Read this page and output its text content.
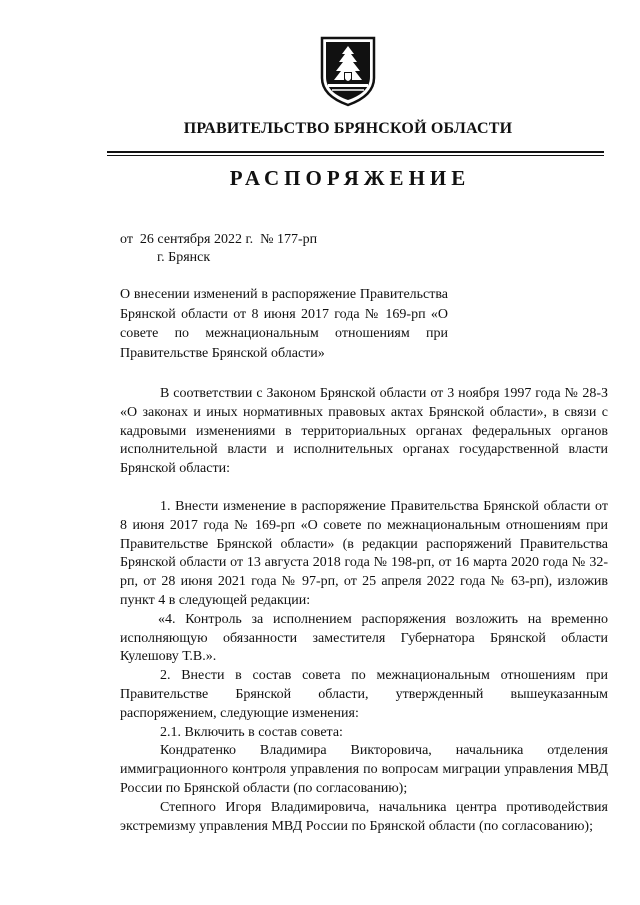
ПРАВИТЕЛЬСТВО БРЯНСКОЙ ОБЛАСТИ
РАСПОРЯЖЕНИЕ
от  26 сентября 2022 г.  № 177-рп
г. Брянск
О внесении изменений в распоряжение Правительства Брянской области от 8 июня 2017 года № 169-рп «О совете по межнациональным отношениям при Правительстве Брянской области»

В соответствии с Законом Брянской области от 3 ноября 1997 года № 28-З «О законах и иных нормативных правовых актах Брянской области», в связи с кадровыми изменениями в территориальных органах федеральных органов исполнительной власти и исполнительных органах государственной власти Брянской области:

1. Внести изменение в распоряжение Правительства Брянской области от 8 июня 2017 года № 169-рп «О совете по межнациональным отношениям при Правительстве Брянской области» (в редакции распоряжений Правительства Брянской области от 13 августа 2018 года № 198-рп, от 16 марта 2020 года № 32-рп, от 28 июня 2021 года № 97-рп, от 25 апреля 2022 года № 63-рп), изложив пункт 4 в следующей редакции:

«4. Контроль за исполнением распоряжения возложить на временно исполняющую обязанности заместителя Губернатора Брянской области Кулешову Т.В.».

2. Внести в состав совета по межнациональным отношениям при Правительстве Брянской области, утвержденный вышеуказанным распоряжением, следующие изменения:

2.1. Включить в состав совета:

Кондратенко Владимира Викторовича, начальника отделения иммиграционного контроля управления по вопросам миграции управления МВД России по Брянской области (по согласованию);

Степного Игоря Владимировича, начальника центра противодействия экстремизму управления МВД России по Брянской области (по согласованию);
